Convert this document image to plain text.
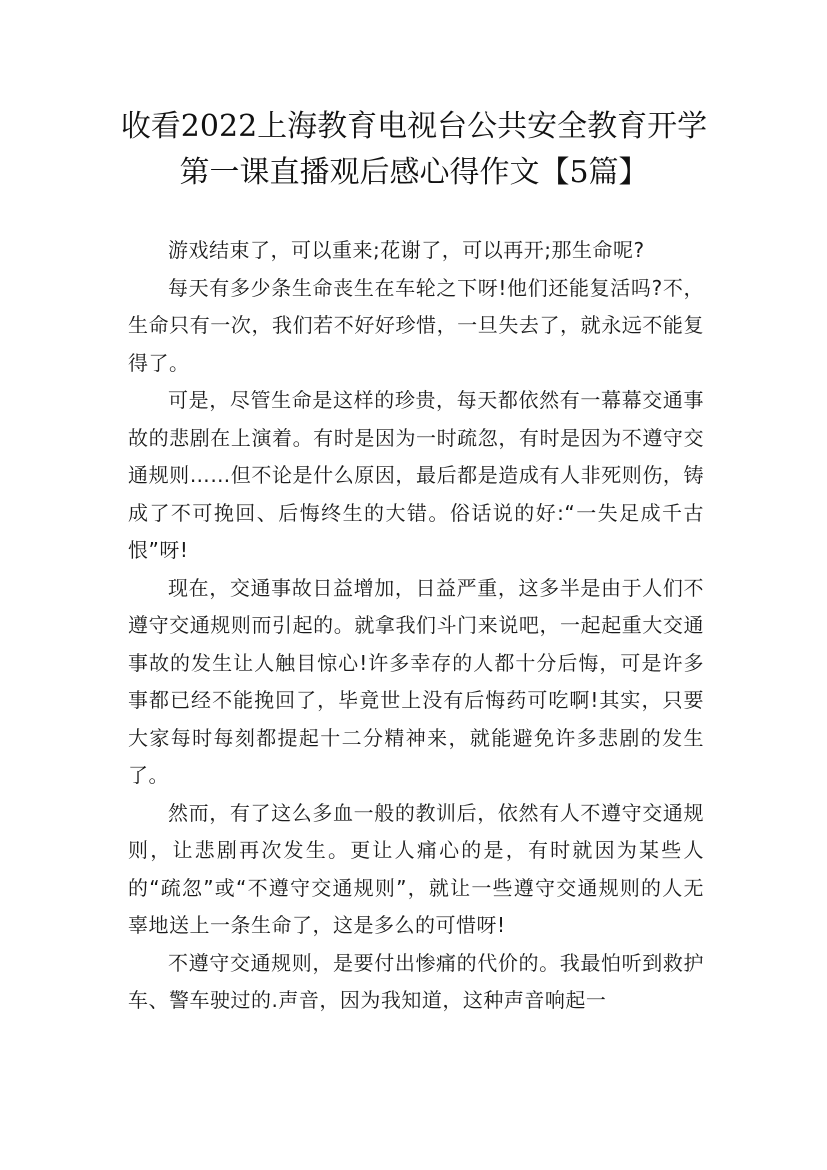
收看2022上海教育电视台公共安全教育开学第一课直播观后感心得作文【5篇】

游戏结束了，可以重来;花谢了，可以再开;那生命呢?

每天有多少条生命丧生在车轮之下呀!他们还能复活吗?不，生命只有一次，我们若不好好珍惜，一旦失去了，就永远不能复得了。

可是，尽管生命是这样的珍贵，每天都依然有一幕幕交通事故的悲剧在上演着。有时是因为一时疏忽，有时是因为不遵守交通规则……但不论是什么原因，最后都是造成有人非死则伤，铸成了不可挽回、后悔终生的大错。俗话说的好:“一失足成千古恨”呀!

现在，交通事故日益增加，日益严重，这多半是由于人们不遵守交通规则而引起的。就拿我们斗门来说吧，一起起重大交通事故的发生让人触目惊心!许多幸存的人都十分后悔，可是许多事都已经不能挽回了，毕竟世上没有后悔药可吃啊!其实，只要大家每时每刻都提起十二分精神来，就能避免许多悲剧的发生了。

然而，有了这么多血一般的教训后，依然有人不遵守交通规则，让悲剧再次发生。更让人痛心的是，有时就因为某些人的“疏忽”或“不遵守交通规则”，就让一些遵守交通规则的人无辜地送上一条生命了，这是多么的可惜呀!

不遵守交通规则，是要付出惨痛的代价的。我最怕听到救护车、警车驶过的.声音，因为我知道，这种声音响起一
